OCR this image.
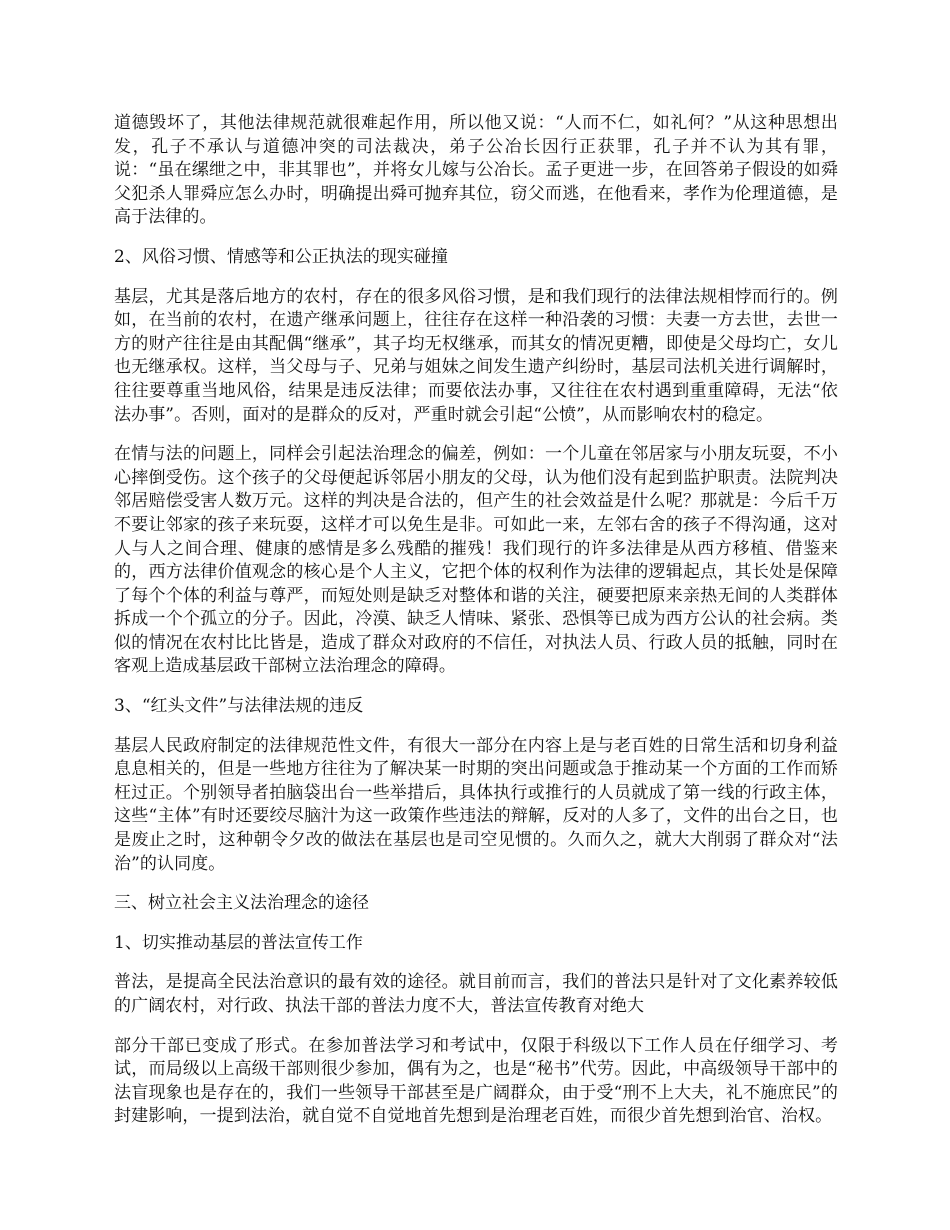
道德毁坏了，其他法律规范就很难起作用，所以他又说：“人而不仁，如礼何？”从这种思想出发，孔子不承认与道德冲突的司法裁决，弟子公冶长因行正获罪，孔子并不认为其有罪，说：“虽在缧绁之中，非其罪也”，并将女儿嫁与公冶长。孟子更进一步，在回答弟子假设的如舜父犯杀人罪舜应怎么办时，明确提出舜可抛弃其位，窃父而逃，在他看来，孝作为伦理道德，是高于法律的。

2、风俗习惯、情感等和公正执法的现实碰撞

基层，尤其是落后地方的农村，存在的很多风俗习惯，是和我们现行的法律法规相悖而行的。例如，在当前的农村，在遗产继承问题上，往往存在这样一种沿袭的习惯：夫妻一方去世，去世一方的财产往往是由其配偶“继承”，其子均无权继承，而其女的情况更糟，即使是父母均亡，女儿也无继承权。这样，当父母与子、兄弟与姐妹之间发生遗产纠纷时，基层司法机关进行调解时，往往要尊重当地风俗，结果是违反法律；而要依法办事，又往往在农村遇到重重障碍，无法“依法办事”。否则，面对的是群众的反对，严重时就会引起“公愤”，从而影响农村的稳定。

在情与法的问题上，同样会引起法治理念的偏差，例如：一个儿童在邻居家与小朋友玩耍，不小心摔倒受伤。这个孩子的父母便起诉邻居小朋友的父母，认为他们没有起到监护职责。法院判决邻居赔偿受害人数万元。这样的判决是合法的，但产生的社会效益是什么呢？那就是：今后千万不要让邻家的孩子来玩耍，这样才可以免生是非。可如此一来，左邻右舍的孩子不得沟通，这对人与人之间合理、健康的感情是多么残酷的摧残！我们现行的许多法律是从西方移植、借鉴来的，西方法律价值观念的核心是个人主义，它把个体的权利作为法律的逻辑起点，其长处是保障了每个个体的利益与尊严，而短处则是缺乏对整体和谐的关注，硬要把原来亲热无间的人类群体拆成一个个孤立的分子。因此，冷漠、缺乏人情味、紧张、恐惧等已成为西方公认的社会病。类似的情况在农村比比皆是，造成了群众对政府的不信任，对执法人员、行政人员的抵触，同时在客观上造成基层政干部树立法治理念的障碍。

3、“红头文件”与法律法规的违反

基层人民政府制定的法律规范性文件，有很大一部分在内容上是与老百姓的日常生活和切身利益息息相关的，但是一些地方往往为了解决某一时期的突出问题或急于推动某一个方面的工作而矫枉过正。个别领导者拍脑袋出台一些举措后，具体执行或推行的人员就成了第一线的行政主体，这些“主体”有时还要绞尽脑汁为这一政策作些违法的辩解，反对的人多了，文件的出台之日，也是废止之时，这种朝令夕改的做法在基层也是司空见惯的。久而久之，就大大削弱了群众对“法治”的认同度。

三、树立社会主义法治理念的途径

1、切实推动基层的普法宣传工作

普法，是提高全民法治意识的最有效的途径。就目前而言，我们的普法只是针对了文化素养较低的广阔农村，对行政、执法干部的普法力度不大，普法宣传教育对绝大

部分干部已变成了形式。在参加普法学习和考试中，仅限于科级以下工作人员在仔细学习、考试，而局级以上高级干部则很少参加，偶有为之，也是“秘书”代劳。因此，中高级领导干部中的法盲现象也是存在的，我们一些领导干部甚至是广阔群众，由于受“刑不上大夫，礼不施庶民”的封建影响，一提到法治，就自觉不自觉地首先想到是治理老百姓，而很少首先想到治官、治权。
